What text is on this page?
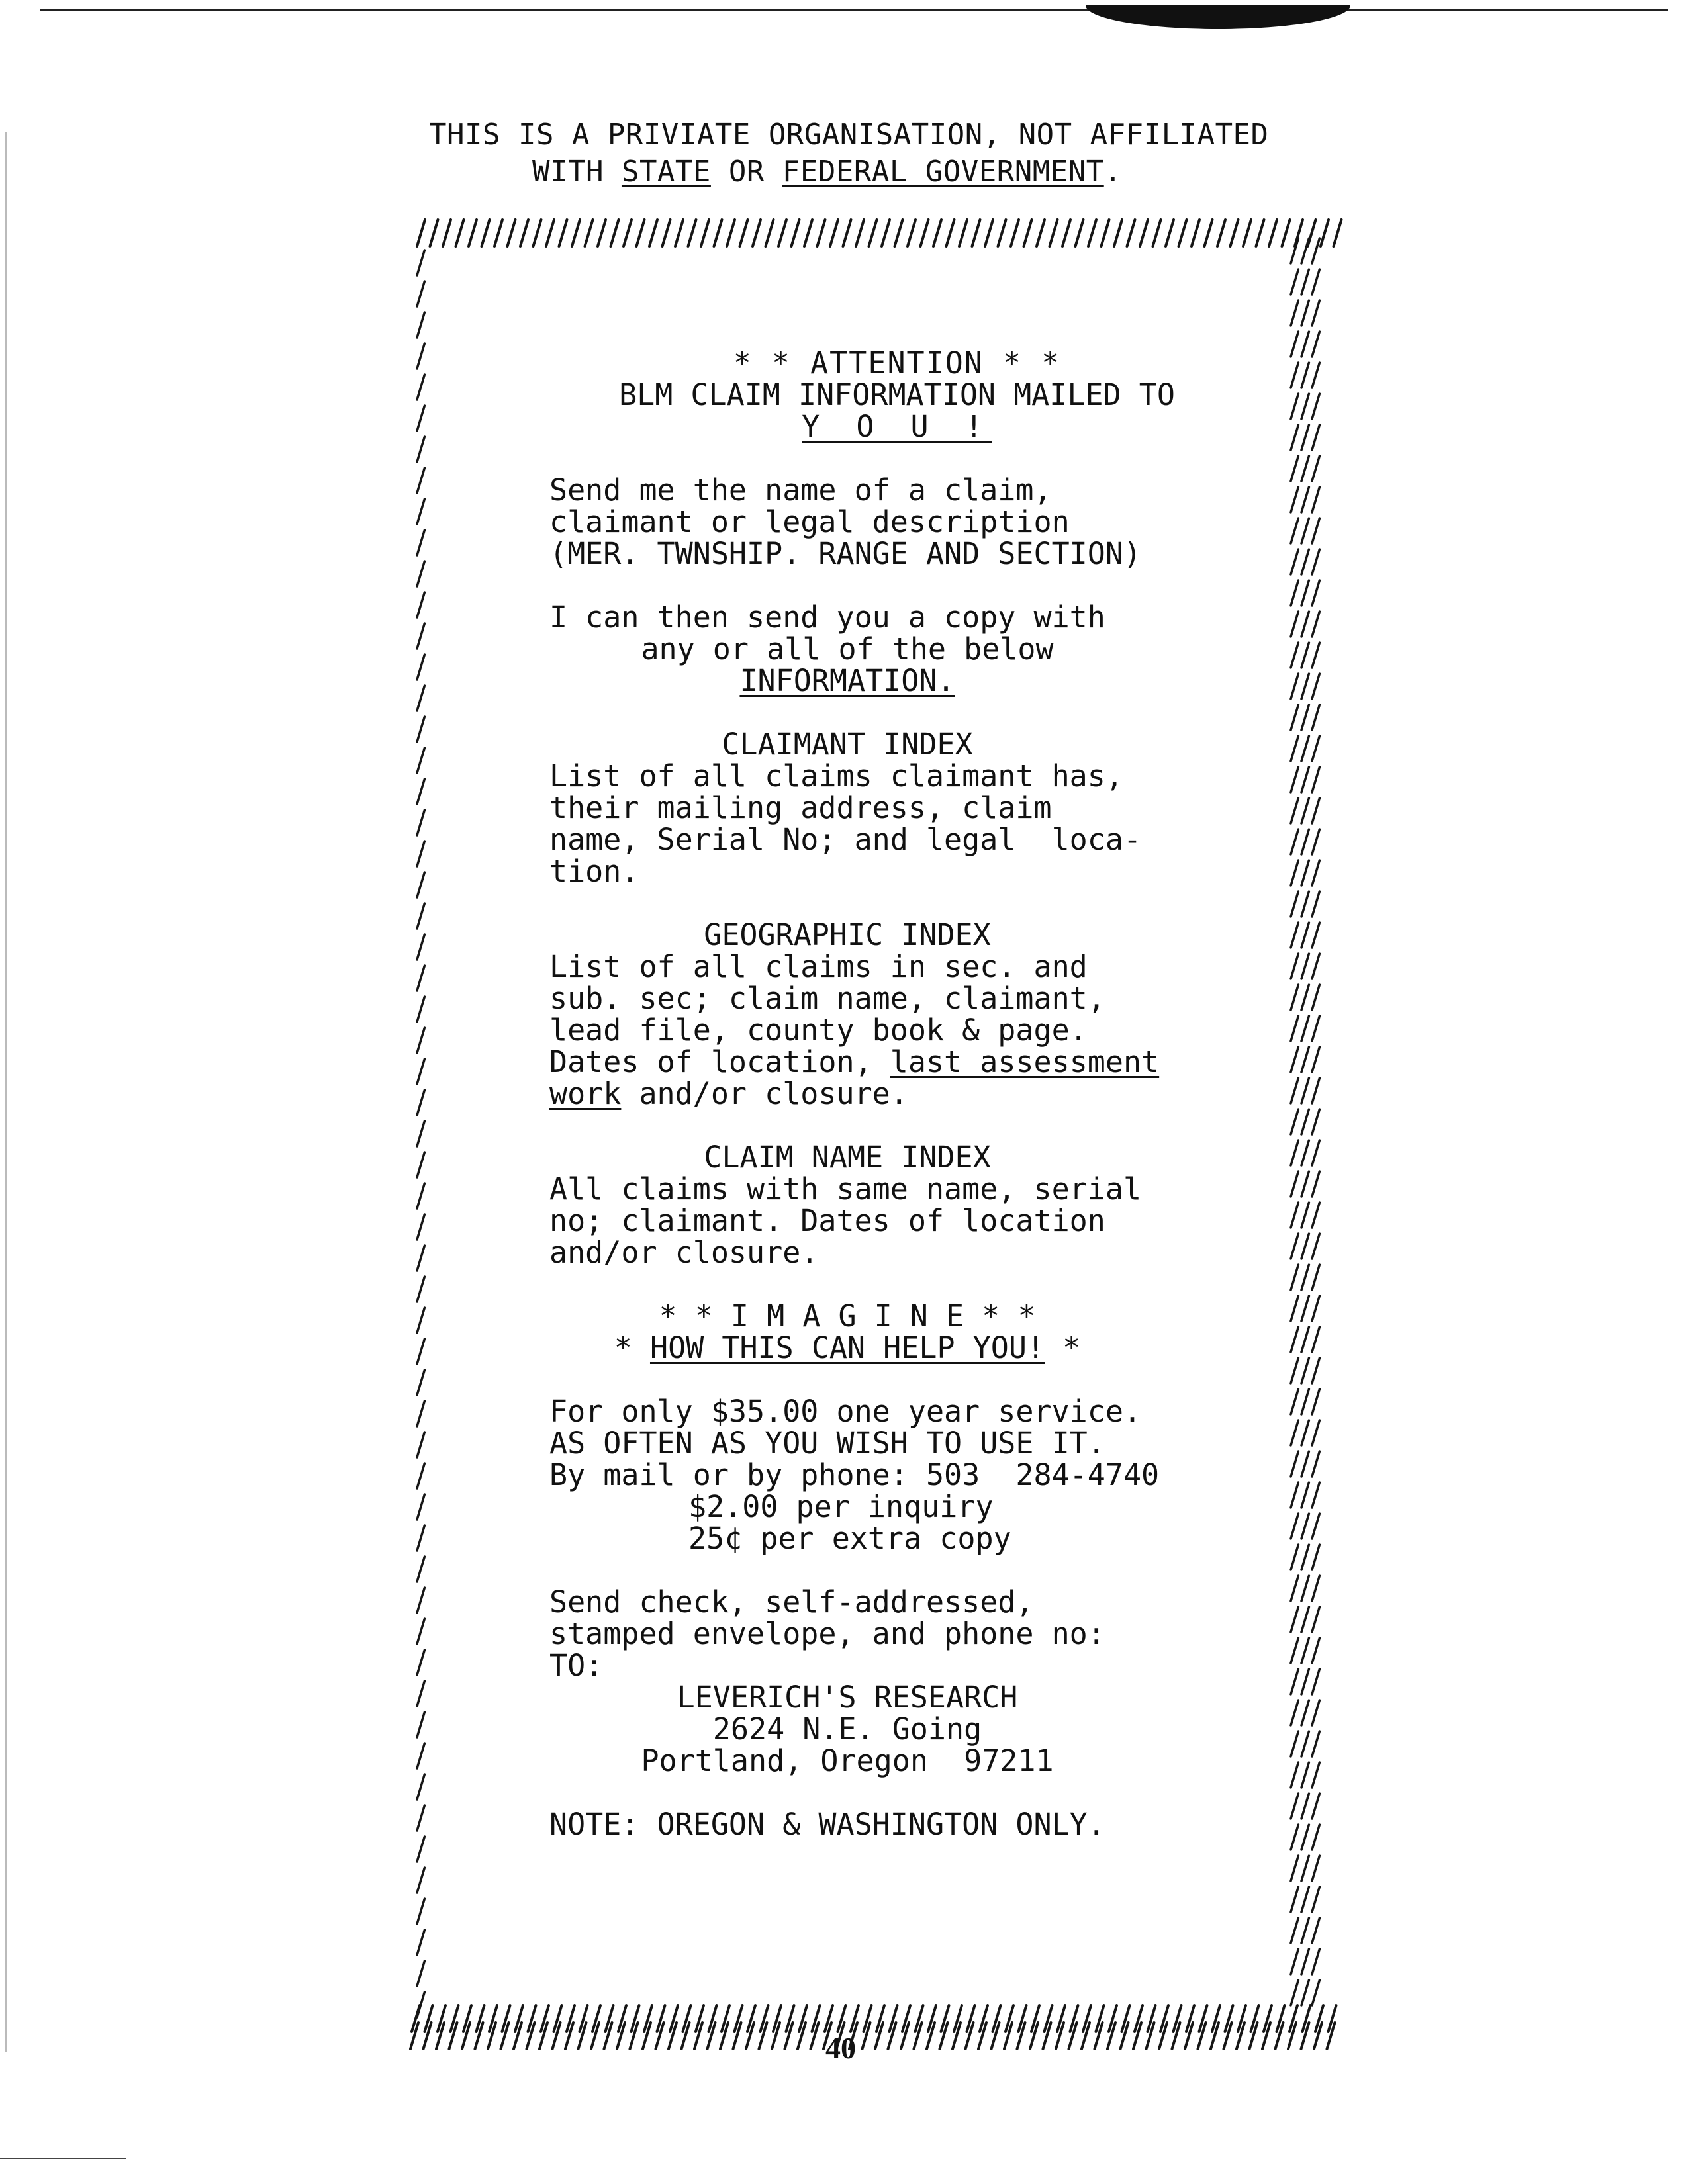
THIS IS A PRIVIATE ORGANISATION, NOT AFFILIATED
WITH STATE OR FEDERAL GOVERNMENT.

* * ATTENTION * *

BLM CLAIM INFORMATION MAILED TO

Y O U !

Send me the name of a claim,

claimant or legal description

(MER. TWNSHIP. RANGE AND SECTION)

I can then send you a copy with

any or all of the below

INFORMATION.

CLAIMANT INDEX

List of all claims claimant has,

their mailing address, claim

name, Serial No; and legal  loca-

tion.

GEOGRAPHIC INDEX

List of all claims in sec. and

sub. sec; claim name, claimant,

lead file, county book & page.

Dates of location, last assessment

work and/or closure.

CLAIM NAME INDEX

All claims with same name, serial

no; claimant. Dates of location

and/or closure.

* * I M A G I N E * *

* HOW THIS CAN HELP YOU! *

For only $35.00 one year service.

AS OFTEN AS YOU WISH TO USE IT.

By mail or by phone: 503  284-4740

$2.00 per inquiry

25¢ per extra copy

Send check, self-addressed,

stamped envelope, and phone no:

TO:

LEVERICH'S RESEARCH

2624 N.E. Going

Portland, Oregon  97211

NOTE: OREGON & WASHINGTON ONLY.

40
